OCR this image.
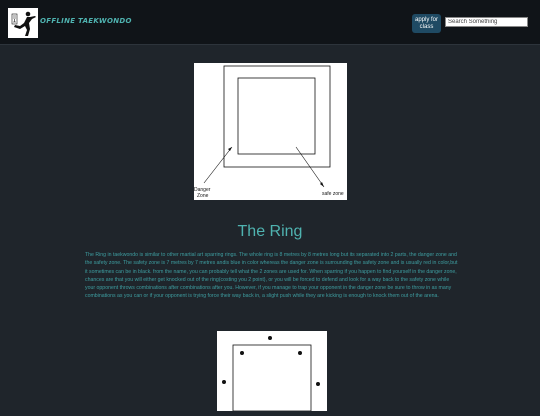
OFFLINE TAEKWONDO	apply for
class
Search Something
Danger
Zone	safe zone
The Ring

The Ring in taekwondo is similar to other martial art sparring rings. The whole ring is 8 metres by 8 metres long but its separated into 2 parts, the danger zone and the safety zone. The safety zone is 7 metres by 7 metres andis blue in color whereas the danger zone is surrounding the safety zone and is usually red in color,but it sometimes can be in black. from the name, you can probably tell what the 2 zones are used for. When sparring if you happen to find yourself in the danger zone, chances are that you will either get knocked out of the ring(costing you 2 point), or you will be forced to defend and look for a way back to the safety zone while your opponent throws combinations after combinations after you. However, if you manage to trap your opponent in the danger zone be sure to throw in as many combinations as you can or if your opponent is trying force their way back in, a slight push while they are kicking is enough to knock them out of the arena.
